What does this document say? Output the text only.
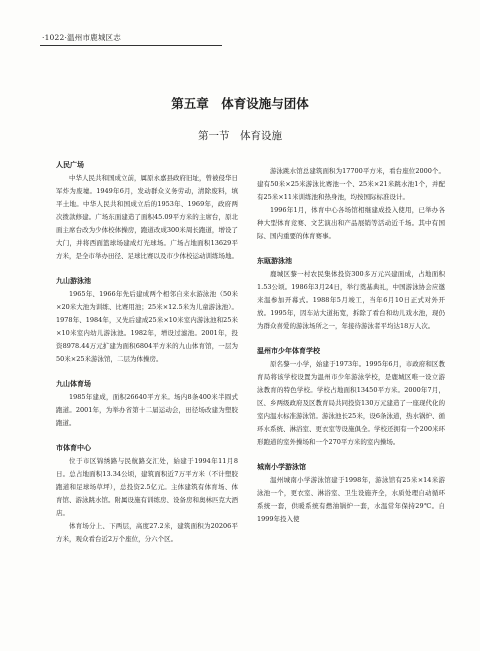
·1022·温州市鹿城区志
第五章　体育设施与团体
第一节　体育设施
人民广场

中华人民共和国成立前，属原永嘉县政府旧址，曾被侵华日军炸为废墟。1949年6月，发动群众义务劳动，清除废料，填平土地。中华人民共和国成立后的1953年、1969年，政府两次拨款修建。广场东面建造了面积45.09平方米的主席台，原北面主席台改为少体校体操房，跑道改成300米周长跑道，增设了大门，并将西面篮球场建成灯光球场。广场占地面积13629平方米，是全市举办田径、足球比赛以及市少体校运动训练场地。

九山游泳池

1965年、1966年先后建成两个相邻自来水游泳池（50米×20米大池为训练、比赛用池；25米×12.5米为儿童游泳池）。1978年、1984年，又先后建成25米×10米室内游泳池和25米×10米室内幼儿游泳池。1982年，增设过滤池。2001年，投资8978.44万元扩建为面积6804平方米的九山体育馆，一层为50米×25米游泳馆，二层为体操房。

九山体育场

1985年建成，面积26640平方米。场内8条400米半圆式跑道。2001年，为举办省第十二届运动会，田径场改建为塑胶跑道。

市体育中心

位于市区锦绣路与民航路交汇处，始建于1994年11月8日。总占地面积13.34公顷，建筑面积近7万平方米（不计塑胶跑道和足球场草坪），总投资2.5亿元。主体建筑有体育场、体育馆、游泳跳水馆。附属设施有训练房、设备房和奥林匹克大酒店。

体育场分上、下两层，高度27.2米，建筑面积为20206平方米，观众看台近2万个座位，分六个区。

游泳跳水馆总建筑面积为17700平方米，看台座位2000个。建有50米×25米游泳比赛池一个、25米×21米跳水池1个，并配有25米×11米训练池和热身池，均按国际标准设计。

1996年1月，体育中心各场馆相继建成投入使用，已举办各种大型体育竞赛、文艺演出和产品展销等活动近千场。其中有国际、国内重要的体育赛事。

东瓯游泳池

鹿城区黎一村农民集体投资300多万元兴建面成，占地面积1.53公顷。1986年3月24日，举行奠基典礼，中国游泳协会应邀来温参加开幕式。1988年5月竣工，当年6月10日正式对外开放。1995年，因车站大道拓宽，拆除了看台和幼儿戏水池，现仍为群众喜爱的游泳场所之一，年接待游泳者平均达18万人次。

温州市少年体育学校

原名黎一小学，始建于1973年。1995年6月，市政府和区教育局将该学校设置为温州市少年游泳学校，是鹿城区唯一设立游泳教育的特色学校。学校占地面积13450平方米。2000年7月，区、乡两级政府及区教育局共同投资130万元建造了一座现代化的室内温水标准游泳馆。游泳池长25米，设6条泳道，热水锅炉、循环水系统、淋浴室、更衣室等设施俱全。学校还拥有一个200米环形跑道的室外操场和一个270平方米的室内操场。

城南小学游泳馆

温州城南小学游泳馆建于1998年，游泳馆有25米×14米游泳池一个，更衣室、淋浴室、卫生设施齐全，水质处理自动循环系统一套，供暖系统有燃油锅炉一套，水温常年保持29℃。自1999年投入使
